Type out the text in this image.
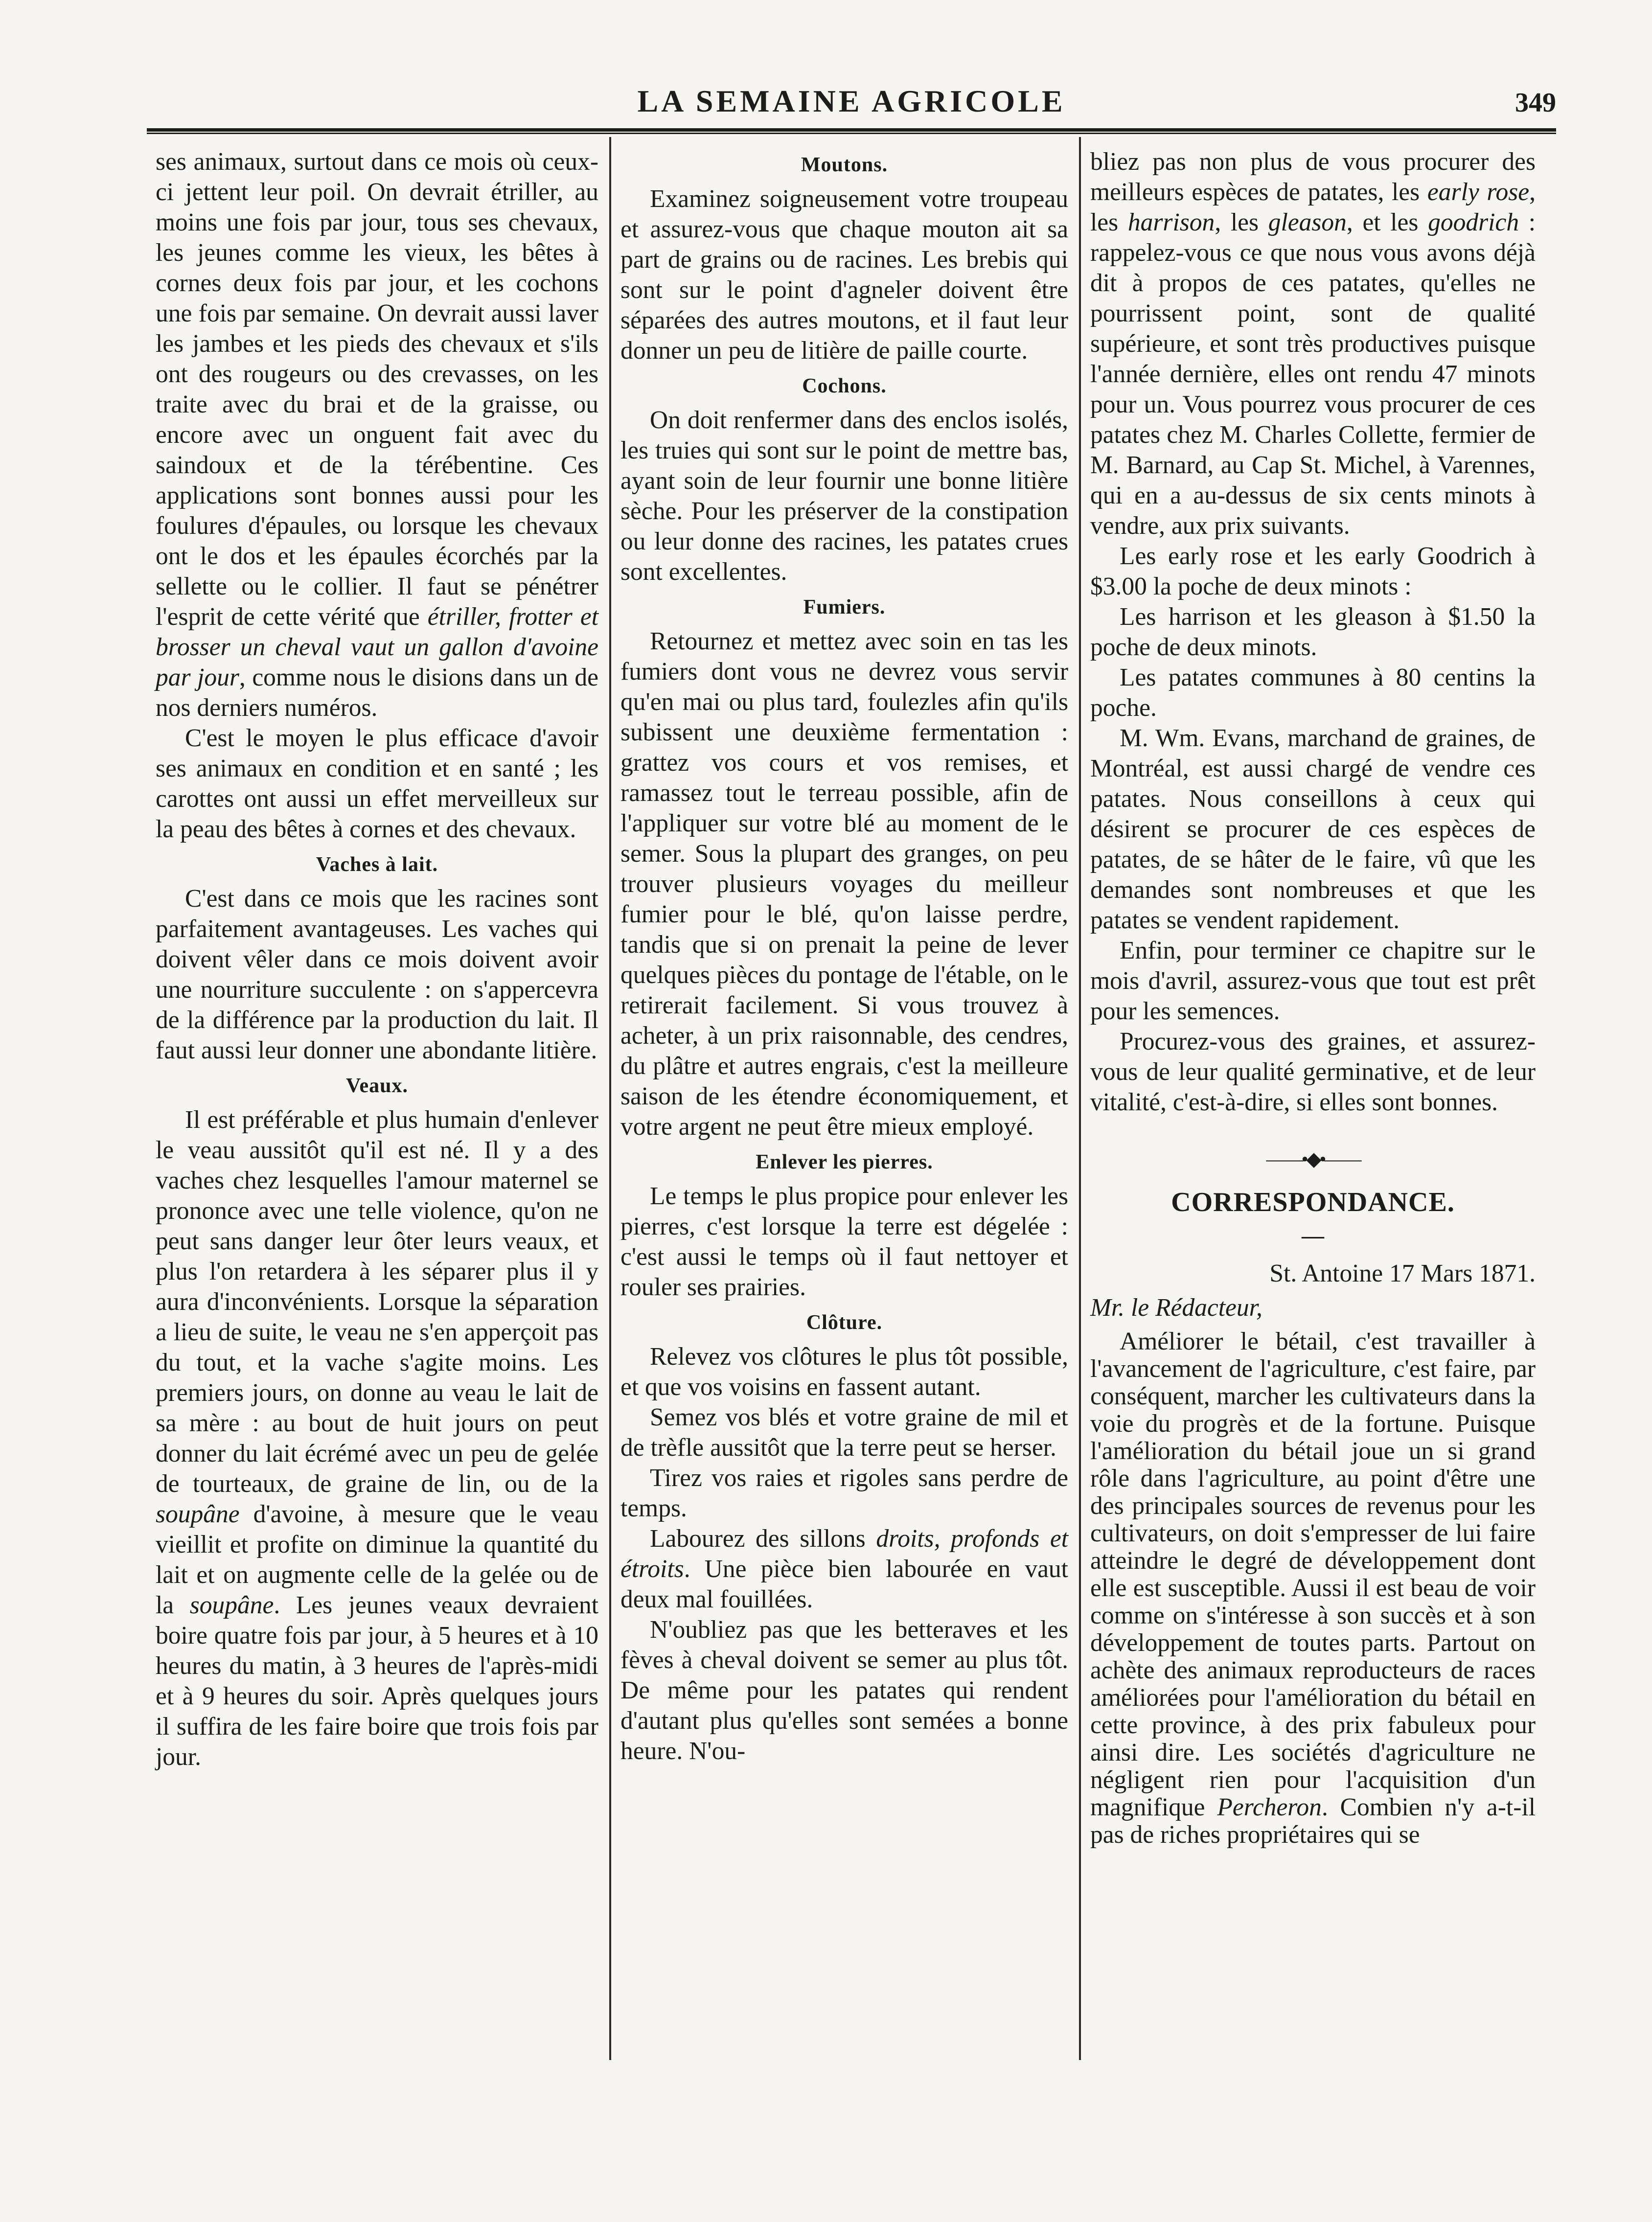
LA SEMAINE AGRICOLE	349

ses animaux, surtout dans ce mois où ceux-ci jettent leur poil. On devrait étriller, au moins une fois par jour, tous ses chevaux, les jeunes comme les vieux, les bêtes à cornes deux fois par jour, et les cochons une fois par semaine. On devrait aussi laver les jambes et les pieds des chevaux et s'ils ont des rougeurs ou des crevasses, on les traite avec du brai et de la graisse, ou encore avec un onguent fait avec du saindoux et de la térébentine. Ces applications sont bonnes aussi pour les foulures d'épaules, ou lorsque les chevaux ont le dos et les épaules écorchés par la sellette ou le collier. Il faut se pénétrer l'esprit de cette vérité que étriller, frotter et brosser un cheval vaut un gallon d'avoine par jour, comme nous le disions dans un de nos derniers numéros.

C'est le moyen le plus efficace d'avoir ses animaux en condition et en santé ; les carottes ont aussi un effet merveilleux sur la peau des bêtes à cornes et des chevaux.

Vaches à lait.

C'est dans ce mois que les racines sont parfaitement avantageuses. Les vaches qui doivent vêler dans ce mois doivent avoir une nourriture succulente : on s'appercevra de la différence par la production du lait. Il faut aussi leur donner une abondante litière.

Veaux.

Il est préférable et plus humain d'enlever le veau aussitôt qu'il est né. Il y a des vaches chez lesquelles l'amour maternel se prononce avec une telle violence, qu'on ne peut sans danger leur ôter leurs veaux, et plus l'on retardera à les séparer plus il y aura d'inconvénients. Lorsque la séparation a lieu de suite, le veau ne s'en apperçoit pas du tout, et la vache s'agite moins. Les premiers jours, on donne au veau le lait de sa mère : au bout de huit jours on peut donner du lait écrémé avec un peu de gelée de tourteaux, de graine de lin, ou de la soupâne d'avoine, à mesure que le veau vieillit et profite on diminue la quantité du lait et on augmente celle de la gelée ou de la soupâne. Les jeunes veaux devraient boire quatre fois par jour, à 5 heures et à 10 heures du matin, à 3 heures de l'après-midi et à 9 heures du soir. Après quelques jours il suffira de les faire boire que trois fois par jour.

Moutons.

Examinez soigneusement votre troupeau et assurez-vous que chaque mouton ait sa part de grains ou de racines. Les brebis qui sont sur le point d'agneler doivent être séparées des autres moutons, et il faut leur donner un peu de litière de paille courte.

Cochons.

On doit renfermer dans des enclos isolés, les truies qui sont sur le point de mettre bas, ayant soin de leur fournir une bonne litière sèche. Pour les préserver de la constipation ou leur donne des racines, les patates crues sont excellentes.

Fumiers.

Retournez et mettez avec soin en tas les fumiers dont vous ne devrez vous servir qu'en mai ou plus tard, foulezles afin qu'ils subissent une deuxième fermentation : grattez vos cours et vos remises, et ramassez tout le terreau possible, afin de l'appliquer sur votre blé au moment de le semer. Sous la plupart des granges, on peu trouver plusieurs voyages du meilleur fumier pour le blé, qu'on laisse perdre, tandis que si on prenait la peine de lever quelques pièces du pontage de l'étable, on le retirerait facilement. Si vous trouvez à acheter, à un prix raisonnable, des cendres, du plâtre et autres engrais, c'est la meilleure saison de les étendre économiquement, et votre argent ne peut être mieux employé.

Enlever les pierres.

Le temps le plus propice pour enlever les pierres, c'est lorsque la terre est dégelée : c'est aussi le temps où il faut nettoyer et rouler ses prairies.

Clôture.

Relevez vos clôtures le plus tôt possible, et que vos voisins en fassent autant.

Semez vos blés et votre graine de mil et de trèfle aussitôt que la terre peut se herser.

Tirez vos raies et rigoles sans perdre de temps.

Labourez des sillons droits, profonds et étroits. Une pièce bien labourée en vaut deux mal fouillées.

N'oubliez pas que les betteraves et les fèves à cheval doivent se semer au plus tôt. De même pour les patates qui rendent d'autant plus qu'elles sont semées a bonne heure. N'ou-

bliez pas non plus de vous procurer des meilleurs espèces de patates, les early rose, les harrison, les gleason, et les goodrich : rappelez-vous ce que nous vous avons déjà dit à propos de ces patates, qu'elles ne pourrissent point, sont de qualité supérieure, et sont très productives puisque l'année dernière, elles ont rendu 47 minots pour un. Vous pourrez vous procurer de ces patates chez M. Charles Collette, fermier de M. Barnard, au Cap St. Michel, à Varennes, qui en a au-dessus de six cents minots à vendre, aux prix suivants.

Les early rose et les early Goodrich à $3.00 la poche de deux minots :

Les harrison et les gleason à $1.50 la poche de deux minots.

Les patates communes à 80 centins la poche.

M. Wm. Evans, marchand de graines, de Montréal, est aussi chargé de vendre ces patates. Nous conseillons à ceux qui désirent se procurer de ces espèces de patates, de se hâter de le faire, vû que les demandes sont nombreuses et que les patates se vendent rapidement.

Enfin, pour terminer ce chapitre sur le mois d'avril, assurez-vous que tout est prêt pour les semences.

Procurez-vous des graines, et assurez-vous de leur qualité germinative, et de leur vitalité, c'est-à-dire, si elles sont bonnes.

——•◆•——
CORRESPONDANCE.
—
St. Antoine 17 Mars 1871.
Mr. le Rédacteur,

Améliorer le bétail, c'est travailler à l'avancement de l'agriculture, c'est faire, par conséquent, marcher les cultivateurs dans la voie du progrès et de la fortune. Puisque l'amélioration du bétail joue un si grand rôle dans l'agriculture, au point d'être une des principales sources de revenus pour les cultivateurs, on doit s'empresser de lui faire atteindre le degré de développement dont elle est susceptible. Aussi il est beau de voir comme on s'intéresse à son succès et à son développement de toutes parts. Partout on achète des animaux reproducteurs de races améliorées pour l'amélioration du bétail en cette province, à des prix fabuleux pour ainsi dire. Les sociétés d'agriculture ne négligent rien pour l'acquisition d'un magnifique Percheron. Combien n'y a-t-il pas de riches propriétaires qui se
